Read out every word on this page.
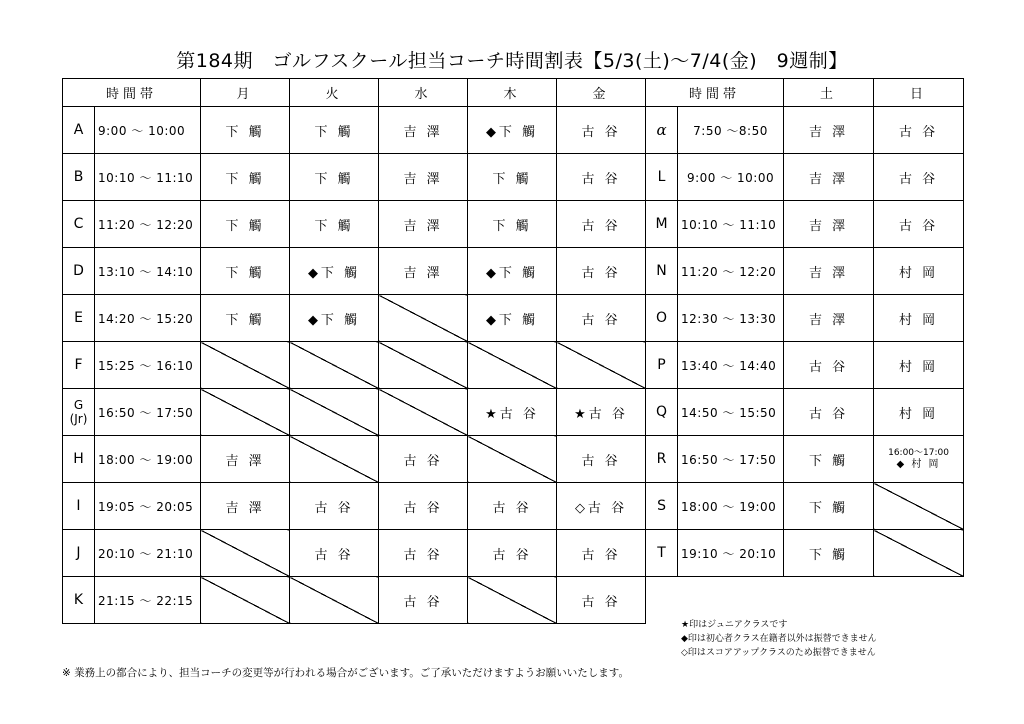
第184期　ゴルフスクール担当コーチ時間割表【5/3(土)～7/4(金)　9週制】
時間帯		月	火	水	木	金	時間帯		土	日
A	9:00 ～ 10:00	下 觸	下 觸	吉 澤	◆下 觸	古 谷	α	7:50 ～8:50	吉 澤	古 谷
B	10:10 ～ 11:10	下 觸	下 觸	吉 澤	下 觸	古 谷	L	9:00 ～ 10:00	吉 澤	古 谷
C	11:20 ～ 12:20	下 觸	下 觸	吉 澤	下 觸	古 谷	M	10:10 ～ 11:10	吉 澤	古 谷
D	13:10 ～ 14:10	下 觸	◆下 觸	吉 澤	◆下 觸	古 谷	N	11:20 ～ 12:20	吉 澤	村 岡
E	14:20 ～ 15:20	下 觸	◆下 觸		◆下 觸	古 谷	O	12:30 ～ 13:30	吉 澤	村 岡
F	15:25 ～ 16:10						P	13:40 ～ 14:40	古 谷	村 岡
G
(Jr)	16:50 ～ 17:50				★古 谷	★古 谷	Q	14:50 ～ 15:50	古 谷	村 岡
H	18:00 ～ 19:00	吉 澤		古 谷		古 谷	R	16:50 ～ 17:50	下 觸	16:00～17:00
◆ 村 岡

I	19:05 ～ 20:05	吉 澤	古 谷	古 谷	古 谷	◇古 谷	S	18:00 ～ 19:00	下 觸	
J	20:10 ～ 21:10		古 谷	古 谷	古 谷	古 谷	T	19:10 ～ 20:10	下 觸	
K	21:15 ～ 22:15			古 谷		古 谷				
★印はジュニアクラスです
◆印は初心者クラス在籍者以外は振替できません
◇印はスコアアップクラスのため振替できません
※ 業務上の都合により、担当コーチの変更等が行われる場合がございます。ご了承いただけますようお願いいたします。
